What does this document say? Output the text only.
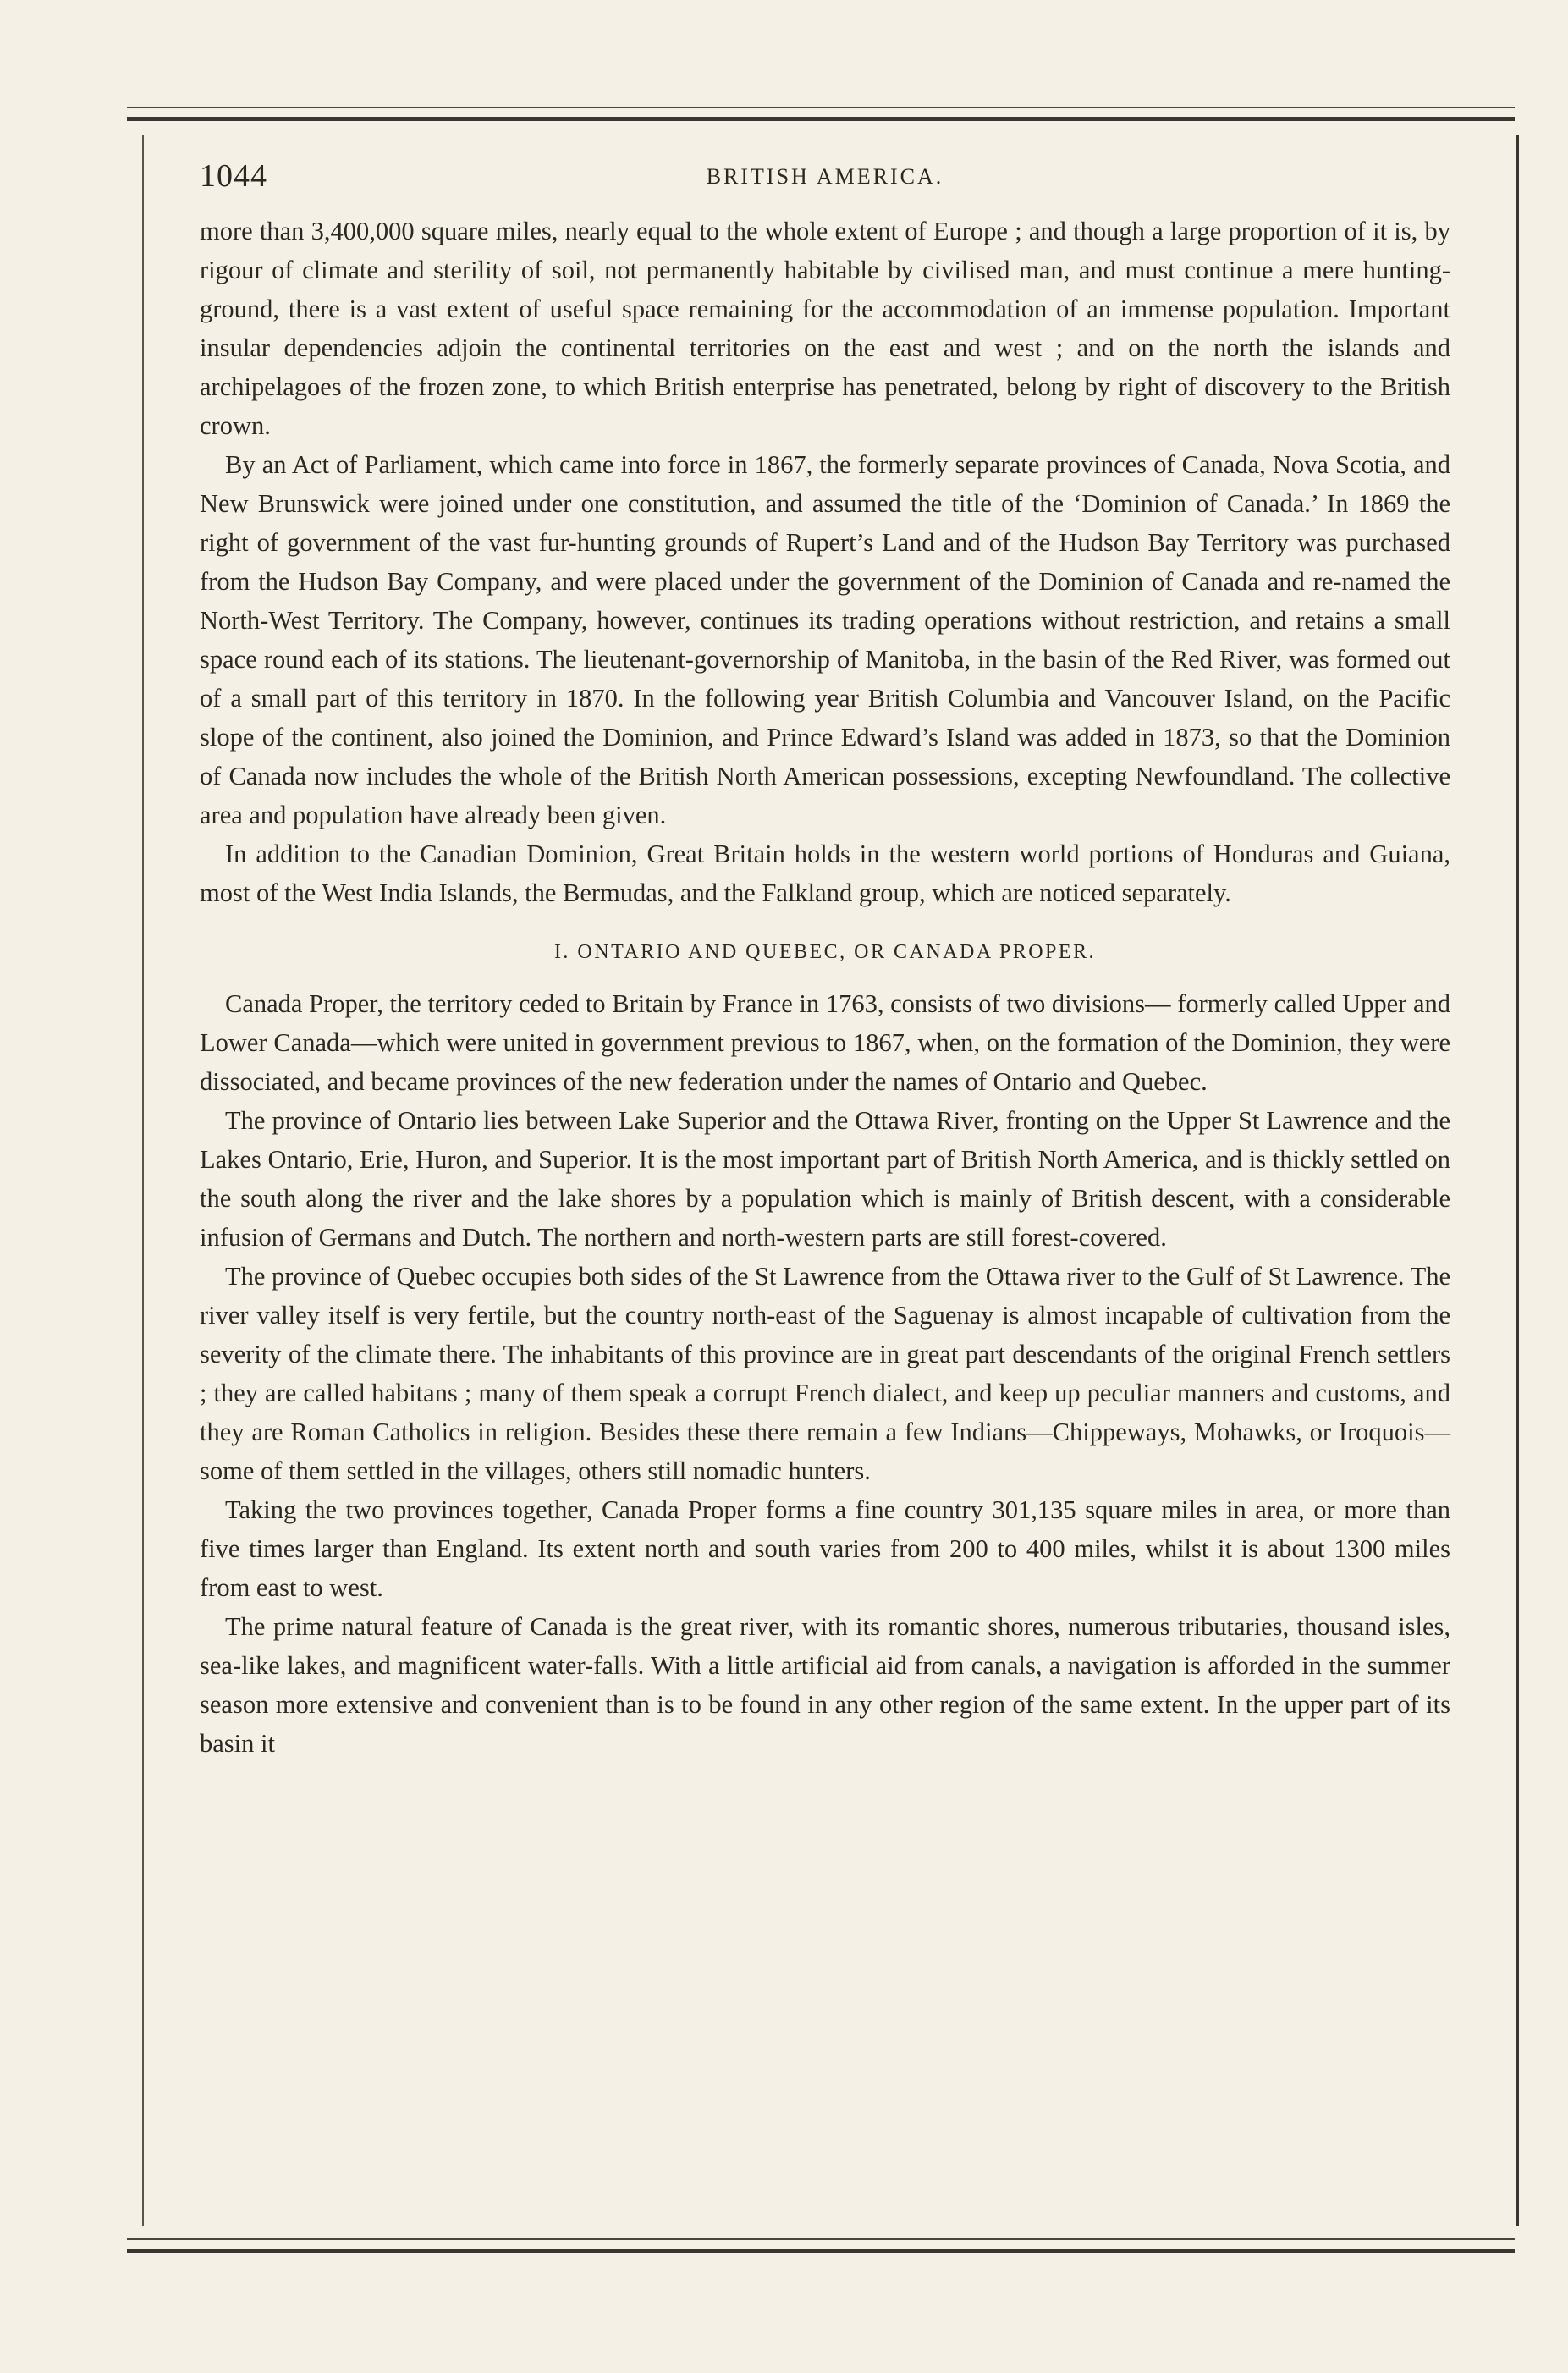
1044	BRITISH AMERICA.

more than 3,400,000 square miles, nearly equal to the whole extent of Europe ; and though a large proportion of it is, by rigour of climate and sterility of soil, not permanently habitable by civilised man, and must continue a mere hunting-ground, there is a vast extent of useful space remaining for the accommodation of an immense population. Important insular dependencies adjoin the continental territories on the east and west ; and on the north the islands and archipelagoes of the frozen zone, to which British enterprise has penetrated, belong by right of discovery to the British crown.

By an Act of Parliament, which came into force in 1867, the formerly separate provinces of Canada, Nova Scotia, and New Brunswick were joined under one constitution, and assumed the title of the ‘Dominion of Canada.’ In 1869 the right of government of the vast fur-hunting grounds of Rupert’s Land and of the Hudson Bay Territory was purchased from the Hudson Bay Company, and were placed under the government of the Dominion of Canada and re-named the North-West Territory. The Company, however, continues its trading operations without restriction, and retains a small space round each of its stations. The lieutenant-governorship of Manitoba, in the basin of the Red River, was formed out of a small part of this territory in 1870. In the following year British Columbia and Vancouver Island, on the Pacific slope of the continent, also joined the Dominion, and Prince Edward’s Island was added in 1873, so that the Dominion of Canada now includes the whole of the British North American possessions, excepting Newfoundland. The collective area and population have already been given.

In addition to the Canadian Dominion, Great Britain holds in the western world portions of Honduras and Guiana, most of the West India Islands, the Bermudas, and the Falkland group, which are noticed separately.

I. ONTARIO AND QUEBEC, OR CANADA PROPER.

Canada Proper, the territory ceded to Britain by France in 1763, consists of two divisions— formerly called Upper and Lower Canada—which were united in government previous to 1867, when, on the formation of the Dominion, they were dissociated, and became provinces of the new federation under the names of Ontario and Quebec.

The province of Ontario lies between Lake Superior and the Ottawa River, fronting on the Upper St Lawrence and the Lakes Ontario, Erie, Huron, and Superior. It is the most important part of British North America, and is thickly settled on the south along the river and the lake shores by a population which is mainly of British descent, with a considerable infusion of Germans and Dutch. The northern and north-western parts are still forest-covered.

The province of Quebec occupies both sides of the St Lawrence from the Ottawa river to the Gulf of St Lawrence. The river valley itself is very fertile, but the country north-east of the Saguenay is almost incapable of cultivation from the severity of the climate there. The inhabitants of this province are in great part descendants of the original French settlers ; they are called habitans ; many of them speak a corrupt French dialect, and keep up peculiar manners and customs, and they are Roman Catholics in religion. Besides these there remain a few Indians—Chippeways, Mohawks, or Iroquois—some of them settled in the villages, others still nomadic hunters.

Taking the two provinces together, Canada Proper forms a fine country 301,135 square miles in area, or more than five times larger than England. Its extent north and south varies from 200 to 400 miles, whilst it is about 1300 miles from east to west.

The prime natural feature of Canada is the great river, with its romantic shores, numerous tributaries, thousand isles, sea-like lakes, and magnificent water-falls. With a little artificial aid from canals, a navigation is afforded in the summer season more extensive and convenient than is to be found in any other region of the same extent. In the upper part of its basin it
